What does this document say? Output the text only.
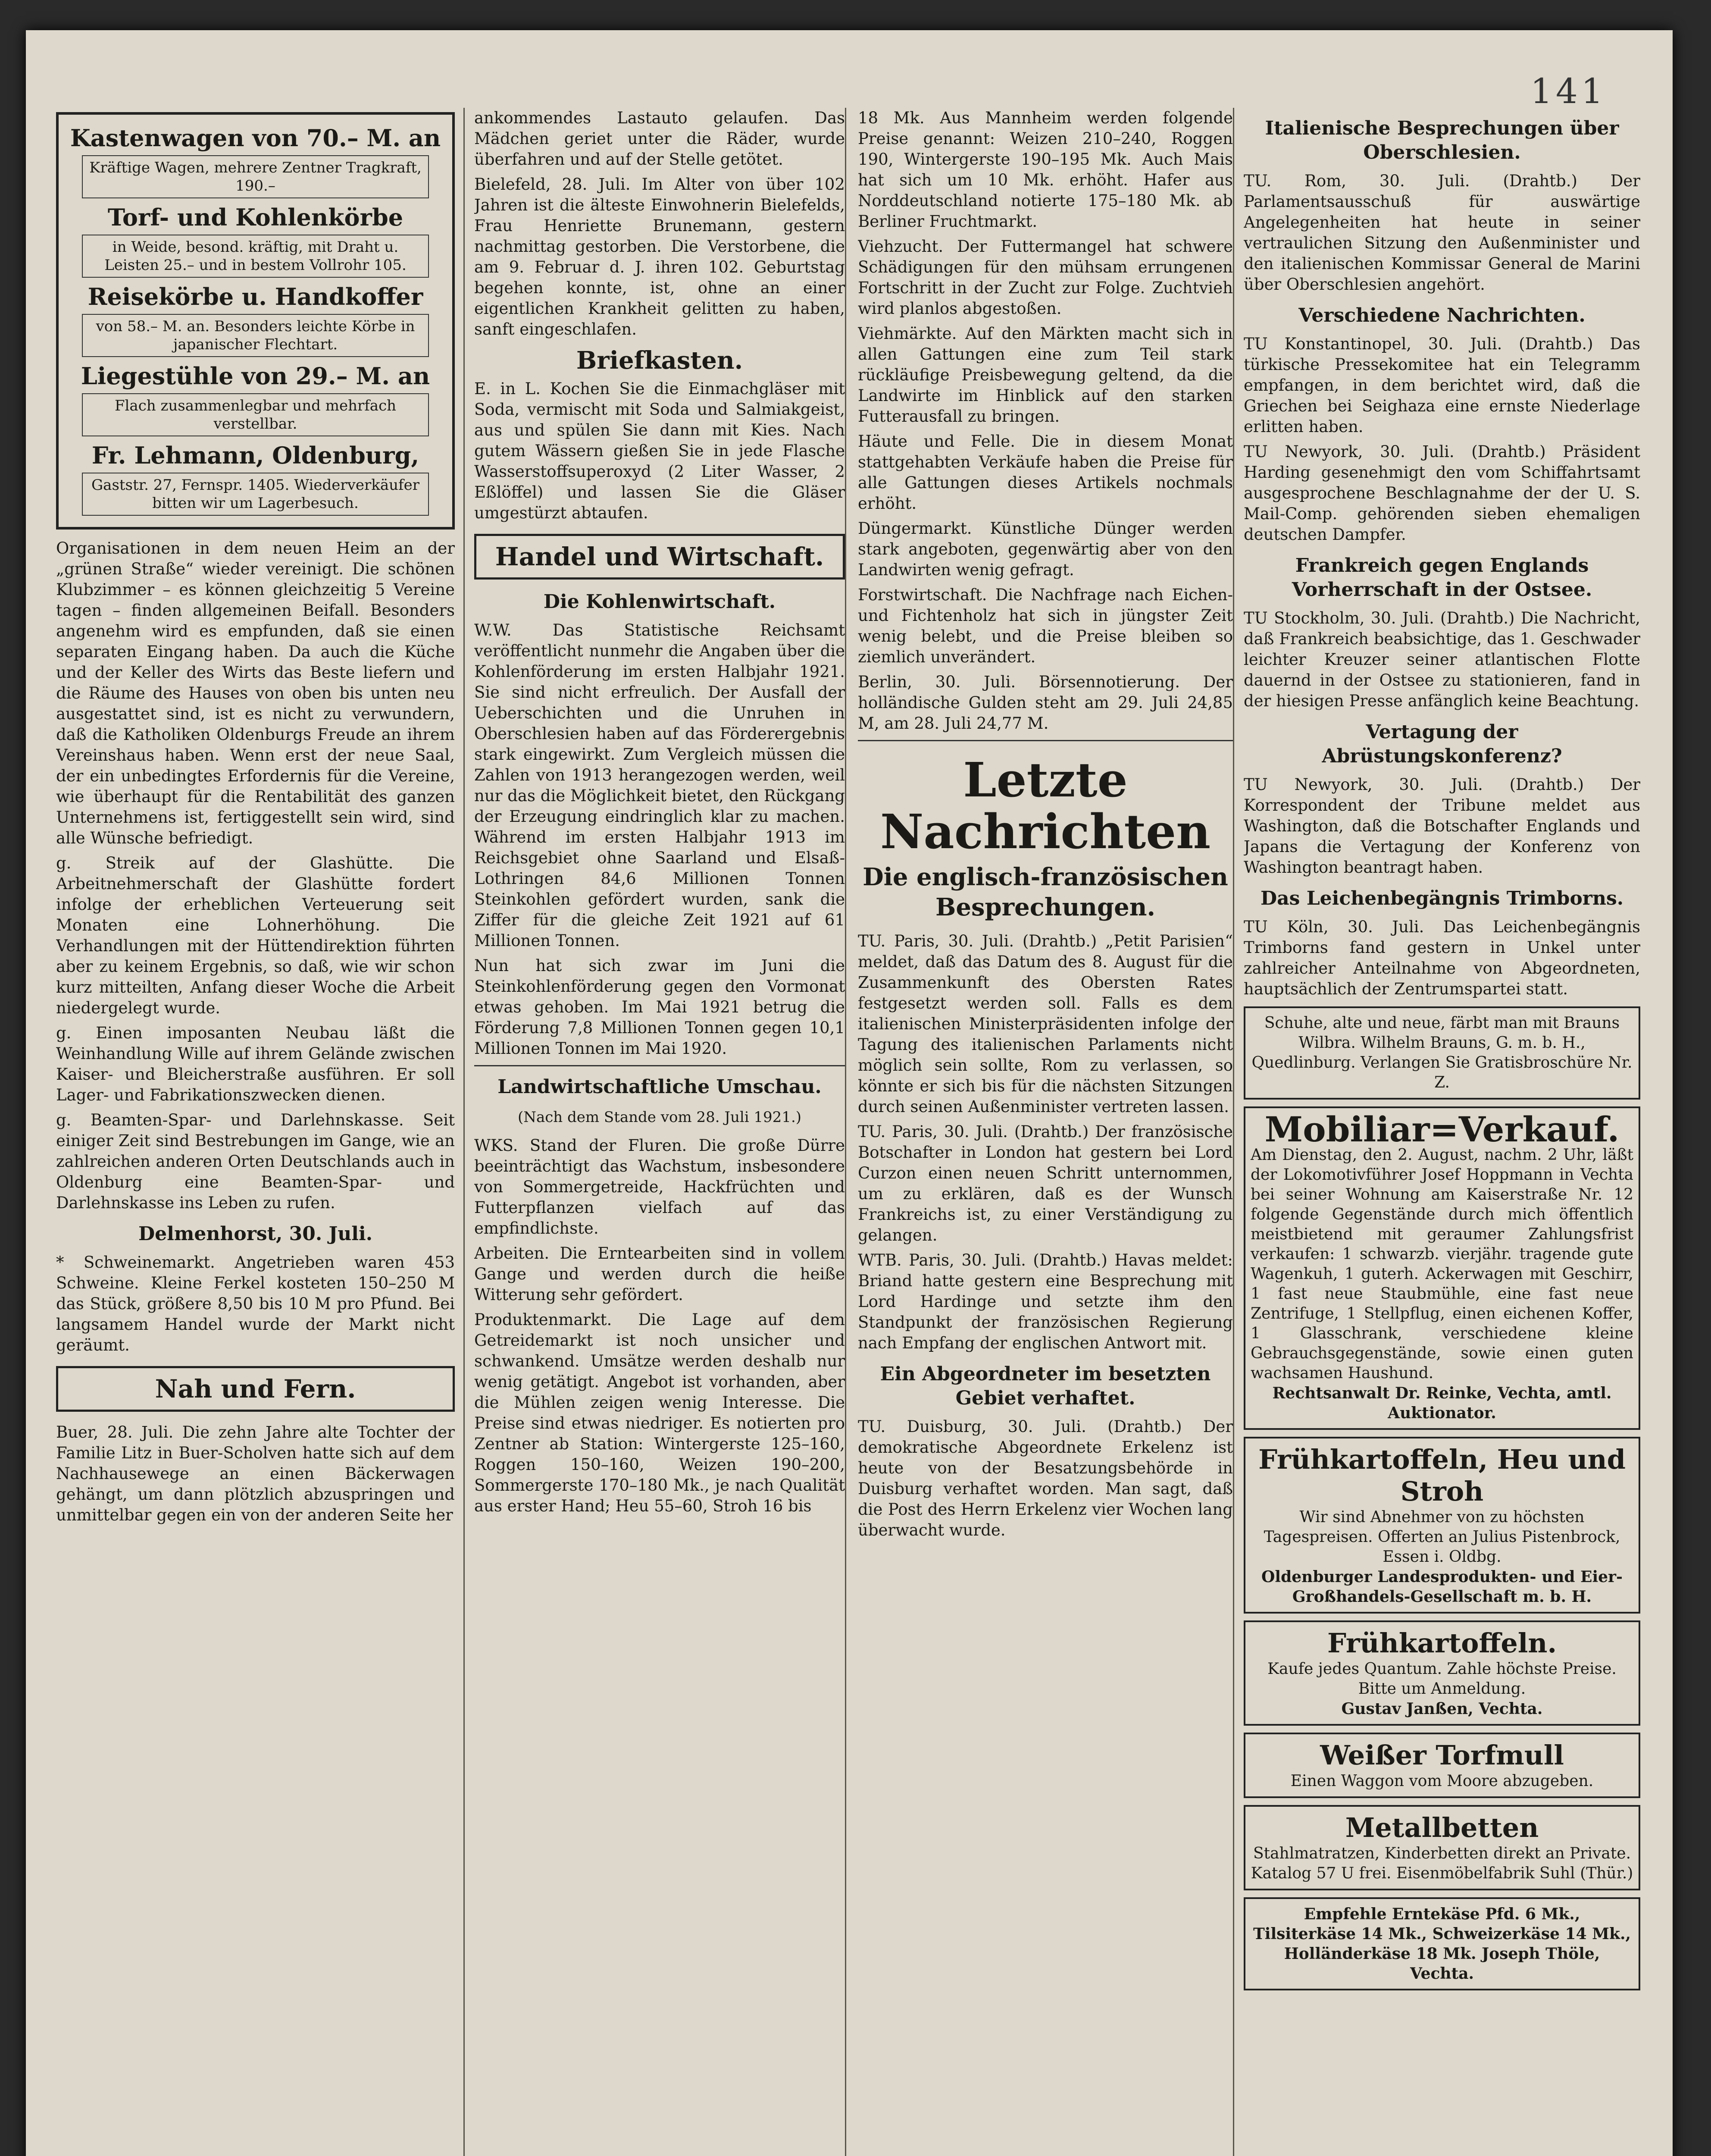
141
Kastenwagen von 70.– M. an
Kräftige Wagen, mehrere Zentner Tragkraft, 190.–
Torf- und Kohlenkörbe
in Weide, besond. kräftig, mit Draht u. Leisten 25.– und in bestem Vollrohr 105.
Reisekörbe u. Handkoffer
von 58.– M. an. Besonders leichte Körbe in japanischer Flechtart.
Liegestühle von 29.– M. an
Flach zusammenlegbar und mehrfach verstellbar.
Fr. Lehmann, Oldenburg,
Gaststr. 27, Fernspr. 1405. Wiederverkäufer bitten wir um Lagerbesuch.

Organisationen in dem neuen Heim an der „grünen Straße“ wieder vereinigt. Die schönen Klubzimmer – es können gleichzeitig 5 Vereine tagen – finden allgemeinen Beifall. Besonders angenehm wird es empfunden, daß sie einen separaten Eingang haben. Da auch die Küche und der Keller des Wirts das Beste liefern und die Räume des Hauses von oben bis unten neu ausgestattet sind, ist es nicht zu verwundern, daß die Katholiken Oldenburgs Freude an ihrem Vereinshaus haben. Wenn erst der neue Saal, der ein unbedingtes Erfordernis für die Vereine, wie überhaupt für die Rentabilität des ganzen Unternehmens ist, fertiggestellt sein wird, sind alle Wünsche befriedigt.

g. Streik auf der Glashütte. Die Arbeitnehmerschaft der Glashütte fordert infolge der erheblichen Verteuerung seit Monaten eine Lohnerhöhung. Die Verhandlungen mit der Hüttendirektion führten aber zu keinem Ergebnis, so daß, wie wir schon kurz mitteilten, Anfang dieser Woche die Arbeit niedergelegt wurde.

g. Einen imposanten Neubau läßt die Weinhandlung Wille auf ihrem Gelände zwischen Kaiser- und Bleicherstraße ausführen. Er soll Lager- und Fabrikationszwecken dienen.

g. Beamten-Spar- und Darlehnskasse. Seit einiger Zeit sind Bestrebungen im Gange, wie an zahlreichen anderen Orten Deutschlands auch in Oldenburg eine Beamten-Spar- und Darlehnskasse ins Leben zu rufen.

Delmenhorst, 30. Juli.

* Schweinemarkt. Angetrieben waren 453 Schweine. Kleine Ferkel kosteten 150–250 M das Stück, größere 8,50 bis 10 M pro Pfund. Bei langsamem Handel wurde der Markt nicht geräumt.

Nah und Fern.

Buer, 28. Juli. Die zehn Jahre alte Tochter der Familie Litz in Buer-Scholven hatte sich auf dem Nachhausewege an einen Bäckerwagen gehängt, um dann plötzlich abzuspringen und unmittelbar gegen ein von der anderen Seite her

ankommendes Lastauto gelaufen. Das Mädchen geriet unter die Räder, wurde überfahren und auf der Stelle getötet.

Bielefeld, 28. Juli. Im Alter von über 102 Jahren ist die älteste Einwohnerin Bielefelds, Frau Henriette Brunemann, gestern nachmittag gestorben. Die Verstorbene, die am 9. Februar d. J. ihren 102. Geburtstag begehen konnte, ist, ohne an einer eigentlichen Krankheit gelitten zu haben, sanft eingeschlafen.

Briefkasten.

E. in L. Kochen Sie die Einmachgläser mit Soda, vermischt mit Soda und Salmiakgeist, aus und spülen Sie dann mit Kies. Nach gutem Wässern gießen Sie in jede Flasche Wasserstoffsuperoxyd (2 Liter Wasser, 2 Eßlöffel) und lassen Sie die Gläser umgestürzt abtaufen.

Handel und Wirtschaft.
Die Kohlenwirtschaft.

W.W. Das Statistische Reichsamt veröffentlicht nunmehr die Angaben über die Kohlenförderung im ersten Halbjahr 1921. Sie sind nicht erfreulich. Der Ausfall der Ueberschichten und die Unruhen in Oberschlesien haben auf das Förderergebnis stark eingewirkt. Zum Vergleich müssen die Zahlen von 1913 herangezogen werden, weil nur das die Möglichkeit bietet, den Rückgang der Erzeugung eindringlich klar zu machen. Während im ersten Halbjahr 1913 im Reichsgebiet ohne Saarland und Elsaß-Lothringen 84,6 Millionen Tonnen Steinkohlen gefördert wurden, sank die Ziffer für die gleiche Zeit 1921 auf 61 Millionen Tonnen.

Nun hat sich zwar im Juni die Steinkohlenförderung gegen den Vormonat etwas gehoben. Im Mai 1921 betrug die Förderung 7,8 Millionen Tonnen gegen 10,1 Millionen Tonnen im Mai 1920.

Landwirtschaftliche Umschau.
(Nach dem Stande vom 28. Juli 1921.)

WKS. Stand der Fluren. Die große Dürre beeinträchtigt das Wachstum, insbesondere von Sommergetreide, Hackfrüchten und Futterpflanzen vielfach auf das empfindlichste.

Arbeiten. Die Erntearbeiten sind in vollem Gange und werden durch die heiße Witterung sehr gefördert.

Produktenmarkt. Die Lage auf dem Getreidemarkt ist noch unsicher und schwankend. Umsätze werden deshalb nur wenig getätigt. Angebot ist vorhanden, aber die Mühlen zeigen wenig Interesse. Die Preise sind etwas niedriger. Es notierten pro Zentner ab Station: Wintergerste 125–160, Roggen 150–160, Weizen 190–200, Sommergerste 170–180 Mk., je nach Qualität aus erster Hand; Heu 55–60, Stroh 16 bis

18 Mk. Aus Mannheim werden folgende Preise genannt: Weizen 210–240, Roggen 190, Wintergerste 190–195 Mk. Auch Mais hat sich um 10 Mk. erhöht. Hafer aus Norddeutschland notierte 175–180 Mk. ab Berliner Fruchtmarkt.

Viehzucht. Der Futtermangel hat schwere Schädigungen für den mühsam errungenen Fortschritt in der Zucht zur Folge. Zuchtvieh wird planlos abgestoßen.

Viehmärkte. Auf den Märkten macht sich in allen Gattungen eine zum Teil stark rückläufige Preisbewegung geltend, da die Landwirte im Hinblick auf den starken Futterausfall zu bringen.

Häute und Felle. Die in diesem Monat stattgehabten Verkäufe haben die Preise für alle Gattungen dieses Artikels nochmals erhöht.

Düngermarkt. Künstliche Dünger werden stark angeboten, gegenwärtig aber von den Landwirten wenig gefragt.

Forstwirtschaft. Die Nachfrage nach Eichen- und Fichtenholz hat sich in jüngster Zeit wenig belebt, und die Preise bleiben so ziemlich unverändert.

Berlin, 30. Juli. Börsennotierung. Der holländische Gulden steht am 29. Juli 24,85 M, am 28. Juli 24,77 M.

Letzte Nachrichten
Die englisch-französischen Besprechungen.

TU. Paris, 30. Juli. (Drahtb.) „Petit Parisien“ meldet, daß das Datum des 8. August für die Zusammenkunft des Obersten Rates festgesetzt werden soll. Falls es dem italienischen Ministerpräsidenten infolge der Tagung des italienischen Parlaments nicht möglich sein sollte, Rom zu verlassen, so könnte er sich bis für die nächsten Sitzungen durch seinen Außenminister vertreten lassen.

TU. Paris, 30. Juli. (Drahtb.) Der französische Botschafter in London hat gestern bei Lord Curzon einen neuen Schritt unternommen, um zu erklären, daß es der Wunsch Frankreichs ist, zu einer Verständigung zu gelangen.

WTB. Paris, 30. Juli. (Drahtb.) Havas meldet: Briand hatte gestern eine Besprechung mit Lord Hardinge und setzte ihm den Standpunkt der französischen Regierung nach Empfang der englischen Antwort mit.

Ein Abgeordneter im besetzten Gebiet verhaftet.

TU. Duisburg, 30. Juli. (Drahtb.) Der demokratische Abgeordnete Erkelenz ist heute von der Besatzungsbehörde in Duisburg verhaftet worden. Man sagt, daß die Post des Herrn Erkelenz vier Wochen lang überwacht wurde.

Italienische Besprechungen über Oberschlesien.

TU. Rom, 30. Juli. (Drahtb.) Der Parlamentsausschuß für auswärtige Angelegenheiten hat heute in seiner vertraulichen Sitzung den Außenminister und den italienischen Kommissar General de Marini über Oberschlesien angehört.

Verschiedene Nachrichten.

TU Konstantinopel, 30. Juli. (Drahtb.) Das türkische Pressekomitee hat ein Telegramm empfangen, in dem berichtet wird, daß die Griechen bei Seighaza eine ernste Niederlage erlitten haben.

TU Newyork, 30. Juli. (Drahtb.) Präsident Harding gesenehmigt den vom Schiffahrtsamt ausgesprochene Beschlagnahme der der U. S. Mail-Comp. gehörenden sieben ehemaligen deutschen Dampfer.

Frankreich gegen Englands Vorherrschaft in der Ostsee.

TU Stockholm, 30. Juli. (Drahtb.) Die Nachricht, daß Frankreich beabsichtige, das 1. Geschwader leichter Kreuzer seiner atlantischen Flotte dauernd in der Ostsee zu stationieren, fand in der hiesigen Presse anfänglich keine Beachtung.

Vertagung der Abrüstungskonferenz?

TU Newyork, 30. Juli. (Drahtb.) Der Korrespondent der Tribune meldet aus Washington, daß die Botschafter Englands und Japans die Vertagung der Konferenz von Washington beantragt haben.

Das Leichenbegängnis Trimborns.

TU Köln, 30. Juli. Das Leichenbegängnis Trimborns fand gestern in Unkel unter zahlreicher Anteilnahme von Abgeordneten, hauptsächlich der Zentrumspartei statt.

Schuhe, alte und neue, färbt man mit Brauns Wilbra. Wilhelm Brauns, G. m. b. H., Quedlinburg. Verlangen Sie Gratisbroschüre Nr. Z.
Mobiliar=Verkauf.
Am Dienstag, den 2. August, nachm. 2 Uhr, läßt der Lokomotivführer Josef Hoppmann in Vechta bei seiner Wohnung am Kaiserstraße Nr. 12 folgende Gegenstände durch mich öffentlich meistbietend mit geraumer Zahlungsfrist verkaufen: 1 schwarzb. vierjähr. tragende gute Wagenkuh, 1 guterh. Ackerwagen mit Geschirr, 1 fast neue Staubmühle, eine fast neue Zentrifuge, 1 Stellpflug, einen eichenen Koffer, 1 Glasschrank, verschiedene kleine Gebrauchsgegenstände, sowie einen guten wachsamen Haushund.
Rechtsanwalt Dr. Reinke, Vechta, amtl. Auktionator.
Frühkartoffeln, Heu und Stroh
Wir sind Abnehmer von zu höchsten Tagespreisen. Offerten an Julius Pistenbrock, Essen i. Oldbg.
Oldenburger Landesprodukten- und Eier-Großhandels-Gesellschaft m. b. H.
Frühkartoffeln.
Kaufe jedes Quantum. Zahle höchste Preise. Bitte um Anmeldung.
Gustav Janßen, Vechta.
Weißer Torfmull
Einen Waggon vom Moore abzugeben.
Metallbetten
Stahlmatratzen, Kinderbetten direkt an Private. Katalog 57 U frei. Eisenmöbelfabrik Suhl (Thür.)
Empfehle Erntekäse Pfd. 6 Mk., Tilsiterkäse 14 Mk., Schweizerkäse 14 Mk., Holländerkäse 18 Mk. Joseph Thöle, Vechta.
